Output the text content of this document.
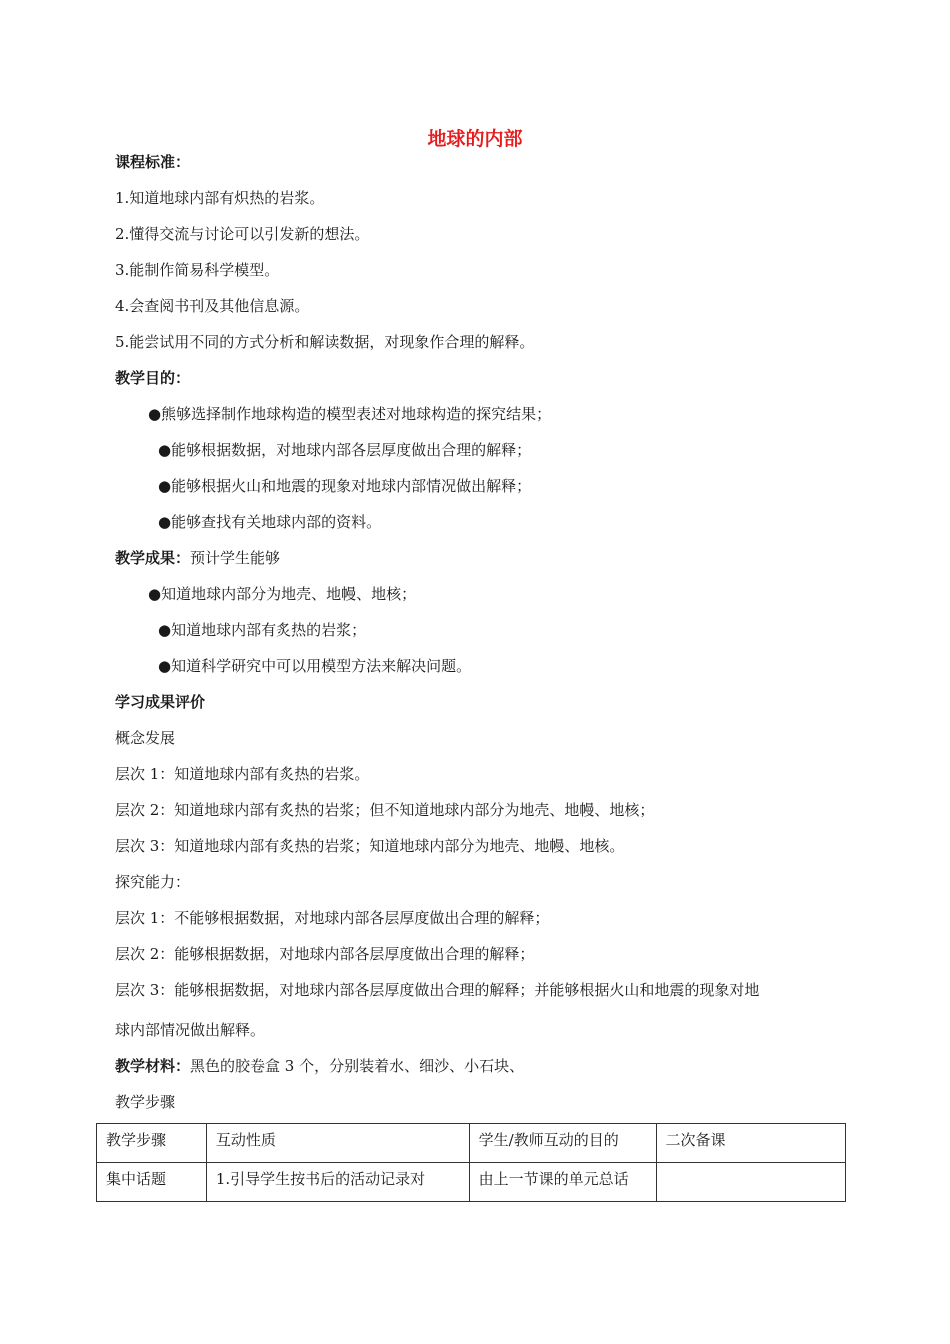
地球的内部
课程标准：
1.知道地球内部有炽热的岩浆。
2.懂得交流与讨论可以引发新的想法。
3.能制作简易科学模型。
4.会查阅书刊及其他信息源。
5.能尝试用不同的方式分析和解读数据，对现象作合理的解释。
教学目的：
●熊够选择制作地球构造的模型表述对地球构造的探究结果；
●能够根据数据，对地球内部各层厚度做出合理的解释；
●能够根据火山和地震的现象对地球内部情况做出解释；
●能够查找有关地球内部的资料。
教学成果：预计学生能够
●知道地球内部分为地壳、地幔、地核；
●知道地球内部有炙热的岩浆；
●知道科学研究中可以用模型方法来解决问题。
学习成果评价
概念发展
层次 1：知道地球内部有炙热的岩浆。
层次 2：知道地球内部有炙热的岩浆；但不知道地球内部分为地壳、地幔、地核；
层次 3：知道地球内部有炙热的岩浆；知道地球内部分为地壳、地幔、地核。
探究能力：
层次 1：不能够根据数据，对地球内部各层厚度做出合理的解释；
层次 2：能够根据数据，对地球内部各层厚度做出合理的解释；
层次 3：能够根据数据，对地球内部各层厚度做出合理的解释；并能够根据火山和地震的现象对地
球内部情况做出解释。
教学材料：黑色的胶卷盒 3 个，分别装着水、细沙、小石块、
教学步骤
教学步骤	互动性质	学生/教师互动的目的	二次备课
集中话题	1.引导学生按书后的活动记录对	由上一节课的单元总话	
